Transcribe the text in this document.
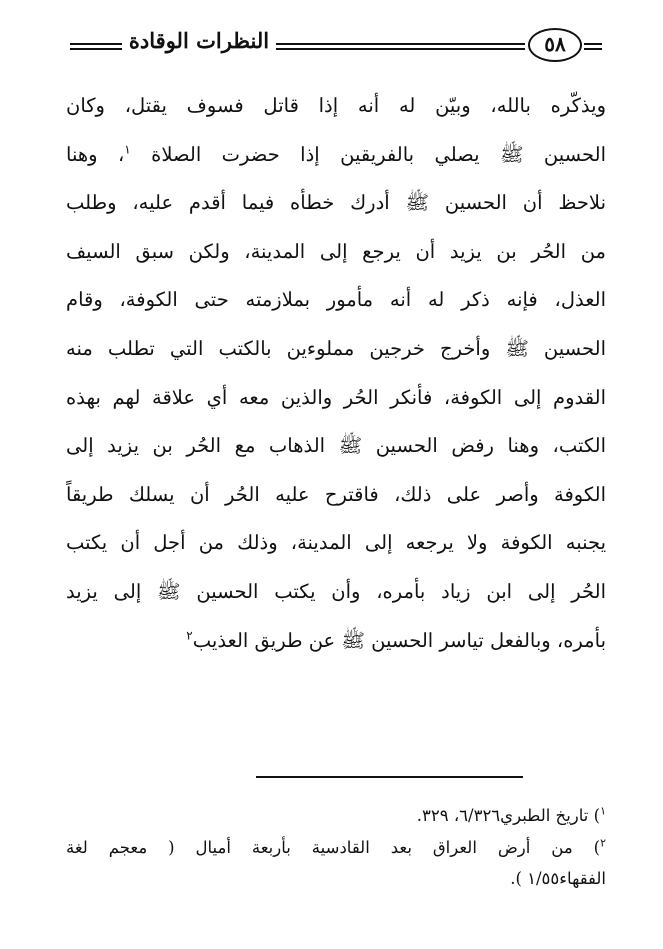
النظرات الوقادة	٥٨
ويذكّره بالله، وبيّن له أنه إذا قاتل فسوف يقتل، وكان
الحسين ﷺ يصلي بالفريقين إذا حضرت الصلاة $^١$، وهنا
نلاحظ أن الحسين ﷺ أدرك خطأه فيما أقدم عليه، وطلب
من الحُر بن يزيد أن يرجع إلى المدينة، ولكن سبق السيف
العذل، فإنه ذكر له أنه مأمور بملازمته حتى الكوفة، وقام
الحسين ﷺ وأخرج خرجين مملوءين بالكتب التي تطلب منه
القدوم إلى الكوفة، فأنكر الحُر والذين معه أي علاقة لهم بهذه
الكتب، وهنا رفض الحسين ﷺ الذهاب مع الحُر بن يزيد إلى
الكوفة وأصر على ذلك، فاقترح عليه الحُر أن يسلك طريقاً
يجنبه الكوفة ولا يرجعه إلى المدينة، وذلك من أجل أن يكتب
الحُر إلى ابن زياد بأمره، وأن يكتب الحسين ﷺ إلى يزيد
بأمره، وبالفعل تياسر الحسين ﷺ عن طريق العذيب$^٢$
$^١$) تاريخ الطبري٦/٣٢٦، ٣٢٩.
$^٢$) من أرض العراق بعد القادسية بأربعة أميال ( معجم لغة
الفقهاء١/٥٥ ).
